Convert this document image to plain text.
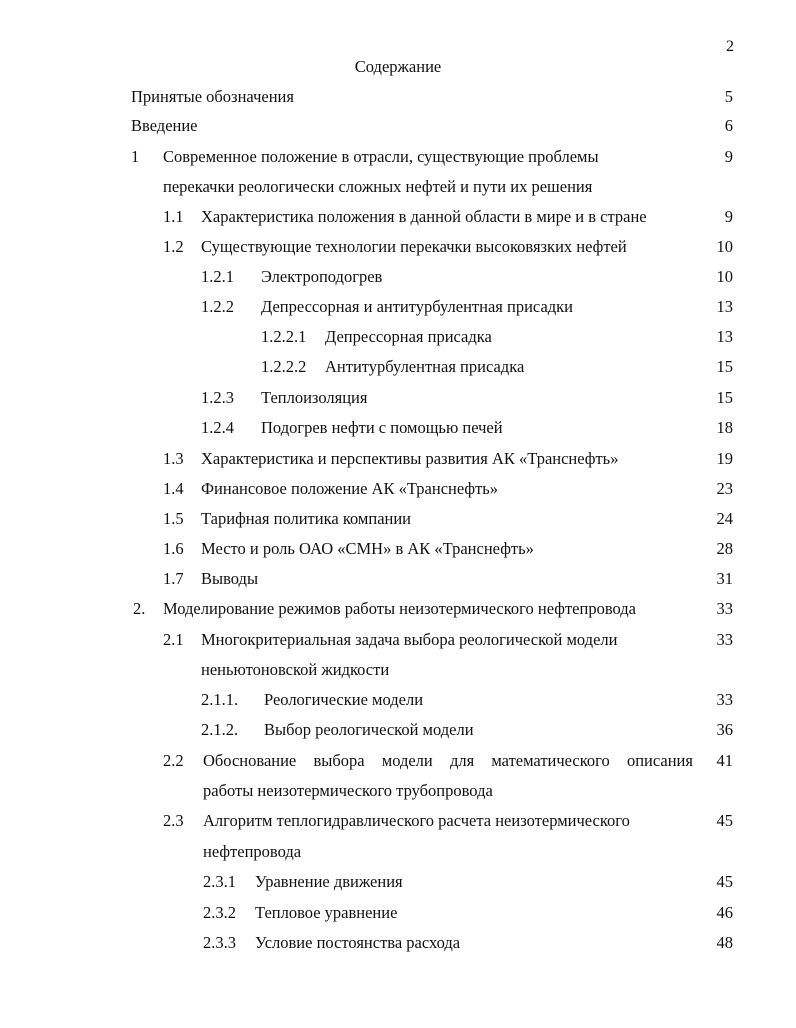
2
Содержание
Принятые обозначения	5
Введение	6
1 Современное положение в отрасли, существующие проблемы	9
перекачки реологически сложных нефтей и пути их решения
1.1 Характеристика положения в данной области в мире и в стране	9
1.2 Существующие технологии перекачки высоковязких нефтей	10
1.2.1 Электроподогрев	10
1.2.2 Депрессорная и антитурбулентная присадки	13
1.2.2.1 Депрессорная присадка	13
1.2.2.2 Антитурбулентная присадка	15
1.2.3 Теплоизоляция	15
1.2.4 Подогрев нефти с помощью печей	18
1.3 Характеристика и перспективы развития АК «Транснефть»	19
1.4 Финансовое положение АК «Транснефть»	23
1.5 Тарифная политика компании	24
1.6 Место и роль ОАО «СМН» в АК «Транснефть»	28
1.7 Выводы	31
2. Моделирование режимов работы неизотермического нефтепровода	33
2.1 Многокритериальная задача выбора реологической модели	33
неньютоновской жидкости
2.1.1. Реологические модели	33
2.1.2. Выбор реологической модели	36
2.2 Обоснование выбора модели для математического описания 41
работы неизотермического трубопровода
2.3 Алгоритм теплогидравлического расчета неизотермического	45
нефтепровода
2.3.1 Уравнение движения	45
2.3.2 Тепловое уравнение	46
2.3.3 Условие постоянства расхода	48
